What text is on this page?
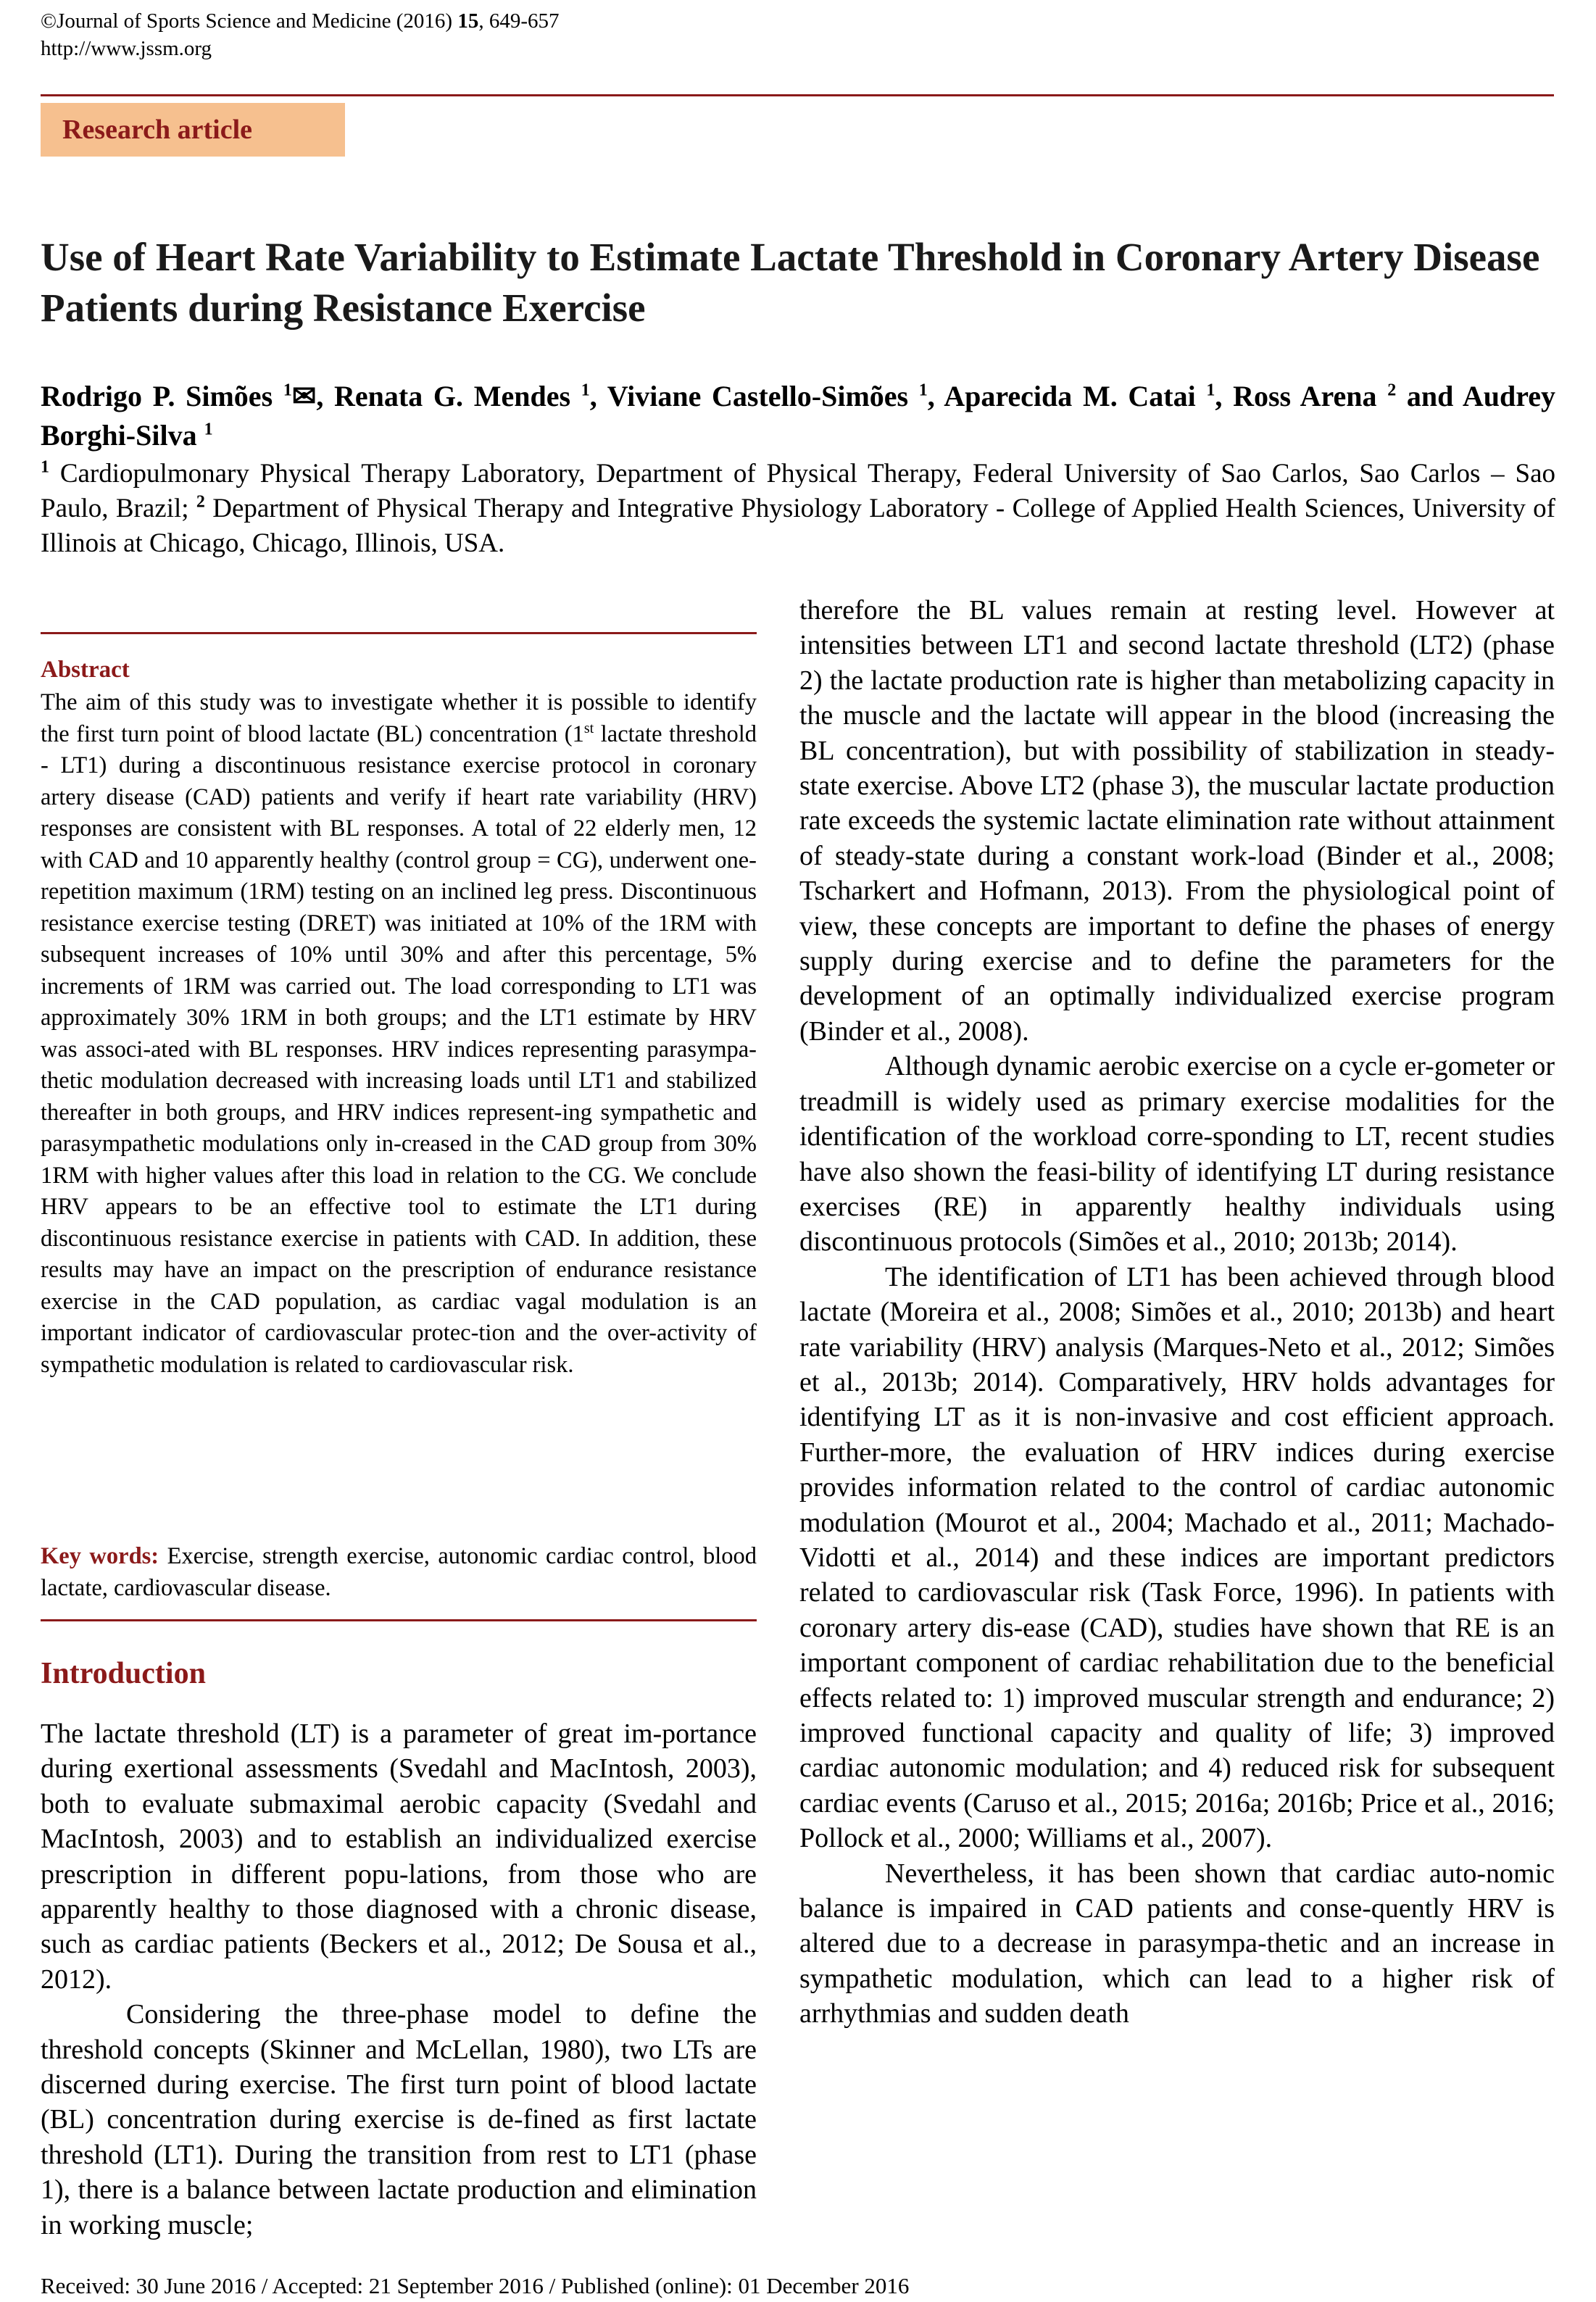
©Journal of Sports Science and Medicine (2016) 15, 649-657
http://www.jssm.org
Research article
Use of Heart Rate Variability to Estimate Lactate Threshold in Coronary Artery Disease Patients during Resistance Exercise
Rodrigo P. Simões $^1$✉, Renata G. Mendes $^1$, Viviane Castello-Simões $^1$, Aparecida M. Catai $^1$, Ross Arena $^2$ and Audrey Borghi-Silva $^1$
$^1$ Cardiopulmonary Physical Therapy Laboratory, Department of Physical Therapy, Federal University of Sao Carlos, Sao Carlos – Sao Paulo, Brazil; $^2$ Department of Physical Therapy and Integrative Physiology Laboratory - College of Applied Health Sciences, University of Illinois at Chicago, Chicago, Illinois, USA.
Abstract
The aim of this study was to investigate whether it is possible to identify the first turn point of blood lactate (BL) concentration (1st lactate threshold - LT1) during a discontinuous resistance exercise protocol in coronary artery disease (CAD) patients and verify if heart rate variability (HRV) responses are consistent with BL responses. A total of 22 elderly men, 12 with CAD and 10 apparently healthy (control group = CG), underwent one-repetition maximum (1RM) testing on an inclined leg press. Discontinuous resistance exercise testing (DRET) was initiated at 10% of the 1RM with subsequent increases of 10% until 30% and after this percentage, 5% increments of 1RM was carried out. The load corresponding to LT1 was approximately 30% 1RM in both groups; and the LT1 estimate by HRV was associ-ated with BL responses. HRV indices representing parasympa-thetic modulation decreased with increasing loads until LT1 and stabilized thereafter in both groups, and HRV indices represent-ing sympathetic and parasympathetic modulations only in-creased in the CAD group from 30% 1RM with higher values after this load in relation to the CG. We conclude HRV appears to be an effective tool to estimate the LT1 during discontinuous resistance exercise in patients with CAD. In addition, these results may have an impact on the prescription of endurance resistance exercise in the CAD population, as cardiac vagal modulation is an important indicator of cardiovascular protec-tion and the over-activity of sympathetic modulation is related to cardiovascular risk.
Key words: Exercise, strength exercise, autonomic cardiac control, blood lactate, cardiovascular disease.
Introduction

The lactate threshold (LT) is a parameter of great im-portance during exertional assessments (Svedahl and MacIntosh, 2003), both to evaluate submaximal aerobic capacity (Svedahl and MacIntosh, 2003) and to establish an individualized exercise prescription in different popu-lations, from those who are apparently healthy to those diagnosed with a chronic disease, such as cardiac patients (Beckers et al., 2012; De Sousa et al., 2012).

Considering the three-phase model to define the threshold concepts (Skinner and McLellan, 1980), two LTs are discerned during exercise. The first turn point of blood lactate (BL) concentration during exercise is de-fined as first lactate threshold (LT1). During the transition from rest to LT1 (phase 1), there is a balance between lactate production and elimination in working muscle;

therefore the BL values remain at resting level. However at intensities between LT1 and second lactate threshold (LT2) (phase 2) the lactate production rate is higher than metabolizing capacity in the muscle and the lactate will appear in the blood (increasing the BL concentration), but with possibility of stabilization in steady-state exercise. Above LT2 (phase 3), the muscular lactate production rate exceeds the systemic lactate elimination rate without attainment of steady-state during a constant work-load (Binder et al., 2008; Tscharkert and Hofmann, 2013). From the physiological point of view, these concepts are important to define the phases of energy supply during exercise and to define the parameters for the development of an optimally individualized exercise program (Binder et al., 2008).

Although dynamic aerobic exercise on a cycle er-gometer or treadmill is widely used as primary exercise modalities for the identification of the workload corre-sponding to LT, recent studies have also shown the feasi-bility of identifying LT during resistance exercises (RE) in apparently healthy individuals using discontinuous protocols (Simões et al., 2010; 2013b; 2014).

The identification of LT1 has been achieved through blood lactate (Moreira et al., 2008; Simões et al., 2010; 2013b) and heart rate variability (HRV) analysis (Marques-Neto et al., 2012; Simões et al., 2013b; 2014). Comparatively, HRV holds advantages for identifying LT as it is non-invasive and cost efficient approach. Further-more, the evaluation of HRV indices during exercise provides information related to the control of cardiac autonomic modulation (Mourot et al., 2004; Machado et al., 2011; Machado-Vidotti et al., 2014) and these indices are important predictors related to cardiovascular risk (Task Force, 1996). In patients with coronary artery dis-ease (CAD), studies have shown that RE is an important component of cardiac rehabilitation due to the beneficial effects related to: 1) improved muscular strength and endurance; 2) improved functional capacity and quality of life; 3) improved cardiac autonomic modulation; and 4) reduced risk for subsequent cardiac events (Caruso et al., 2015; 2016a; 2016b; Price et al., 2016; Pollock et al., 2000; Williams et al., 2007).

Nevertheless, it has been shown that cardiac auto-nomic balance is impaired in CAD patients and conse-quently HRV is altered due to a decrease in parasympa-thetic and an increase in sympathetic modulation, which can lead to a higher risk of arrhythmias and sudden death

Received: 30 June 2016 / Accepted: 21 September 2016 / Published (online): 01 December 2016
